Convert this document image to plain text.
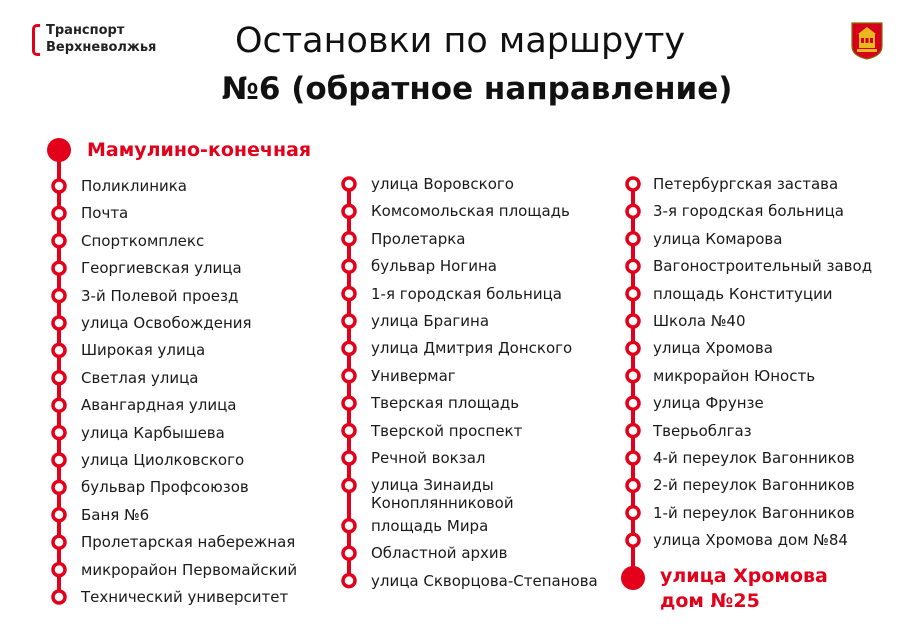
Транспорт
Верхневолжья	Остановки по маршруту
№6 (обратное направление)
Мамулино-конечная
улица Хромова
дом №25
Поликлиника
Почта
Спорткомплекс
Георгиевская улица
3-й Полевой проезд
улица Освобождения
Широкая улица
Светлая улица
Авангардная улица
улица Карбышева
улица Циолковского
бульвар Профсоюзов
Баня №6
Пролетарская набережная
микрорайон Первомайский
Технический университет
улица Воровского
Комсомольская площадь
Пролетарка
бульвар Ногина
1-я городская больница
улица Брагина
улица Дмитрия Донского
Универмаг
Тверская площадь
Тверской проспект
Речной вокзал
улица Зинаиды
Коноплянниковой
площадь Мира
Областной архив
улица Скворцова-Степанова
Петербургская застава
3-я городская больница
улица Комарова
Вагоностроительный завод
площадь Конституции
Школа №40
улица Хромова
микрорайон Юность
улица Фрунзе
Тверьоблгаз
4-й переулок Вагонников
2-й переулок Вагонников
1-й переулок Вагонников
улица Хромова дом №84
